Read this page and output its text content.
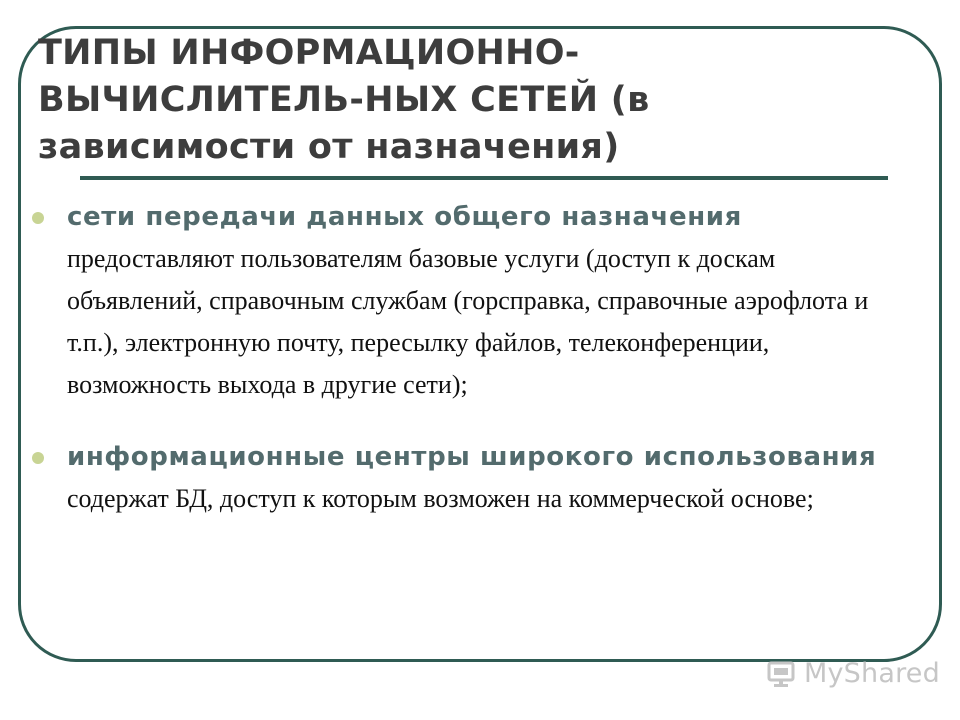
ТИПЫ ИНФОРМАЦИОННО-ВЫЧИСЛИТЕЛЬ-НЫХ СЕТЕЙ (в зависимости от назначения)
сети передачи данных общего назначения
предоставляют пользователям базовые услуги (доступ к доскам объявлений, справочным службам (горсправка, справочные аэрофлота и т.п.), электронную почту, пересылку файлов, телеконференции, возможность выхода в другие сети);
информационные центры широкого использования содержат БД, доступ к которым возможен на коммерческой основе;
MyShared
